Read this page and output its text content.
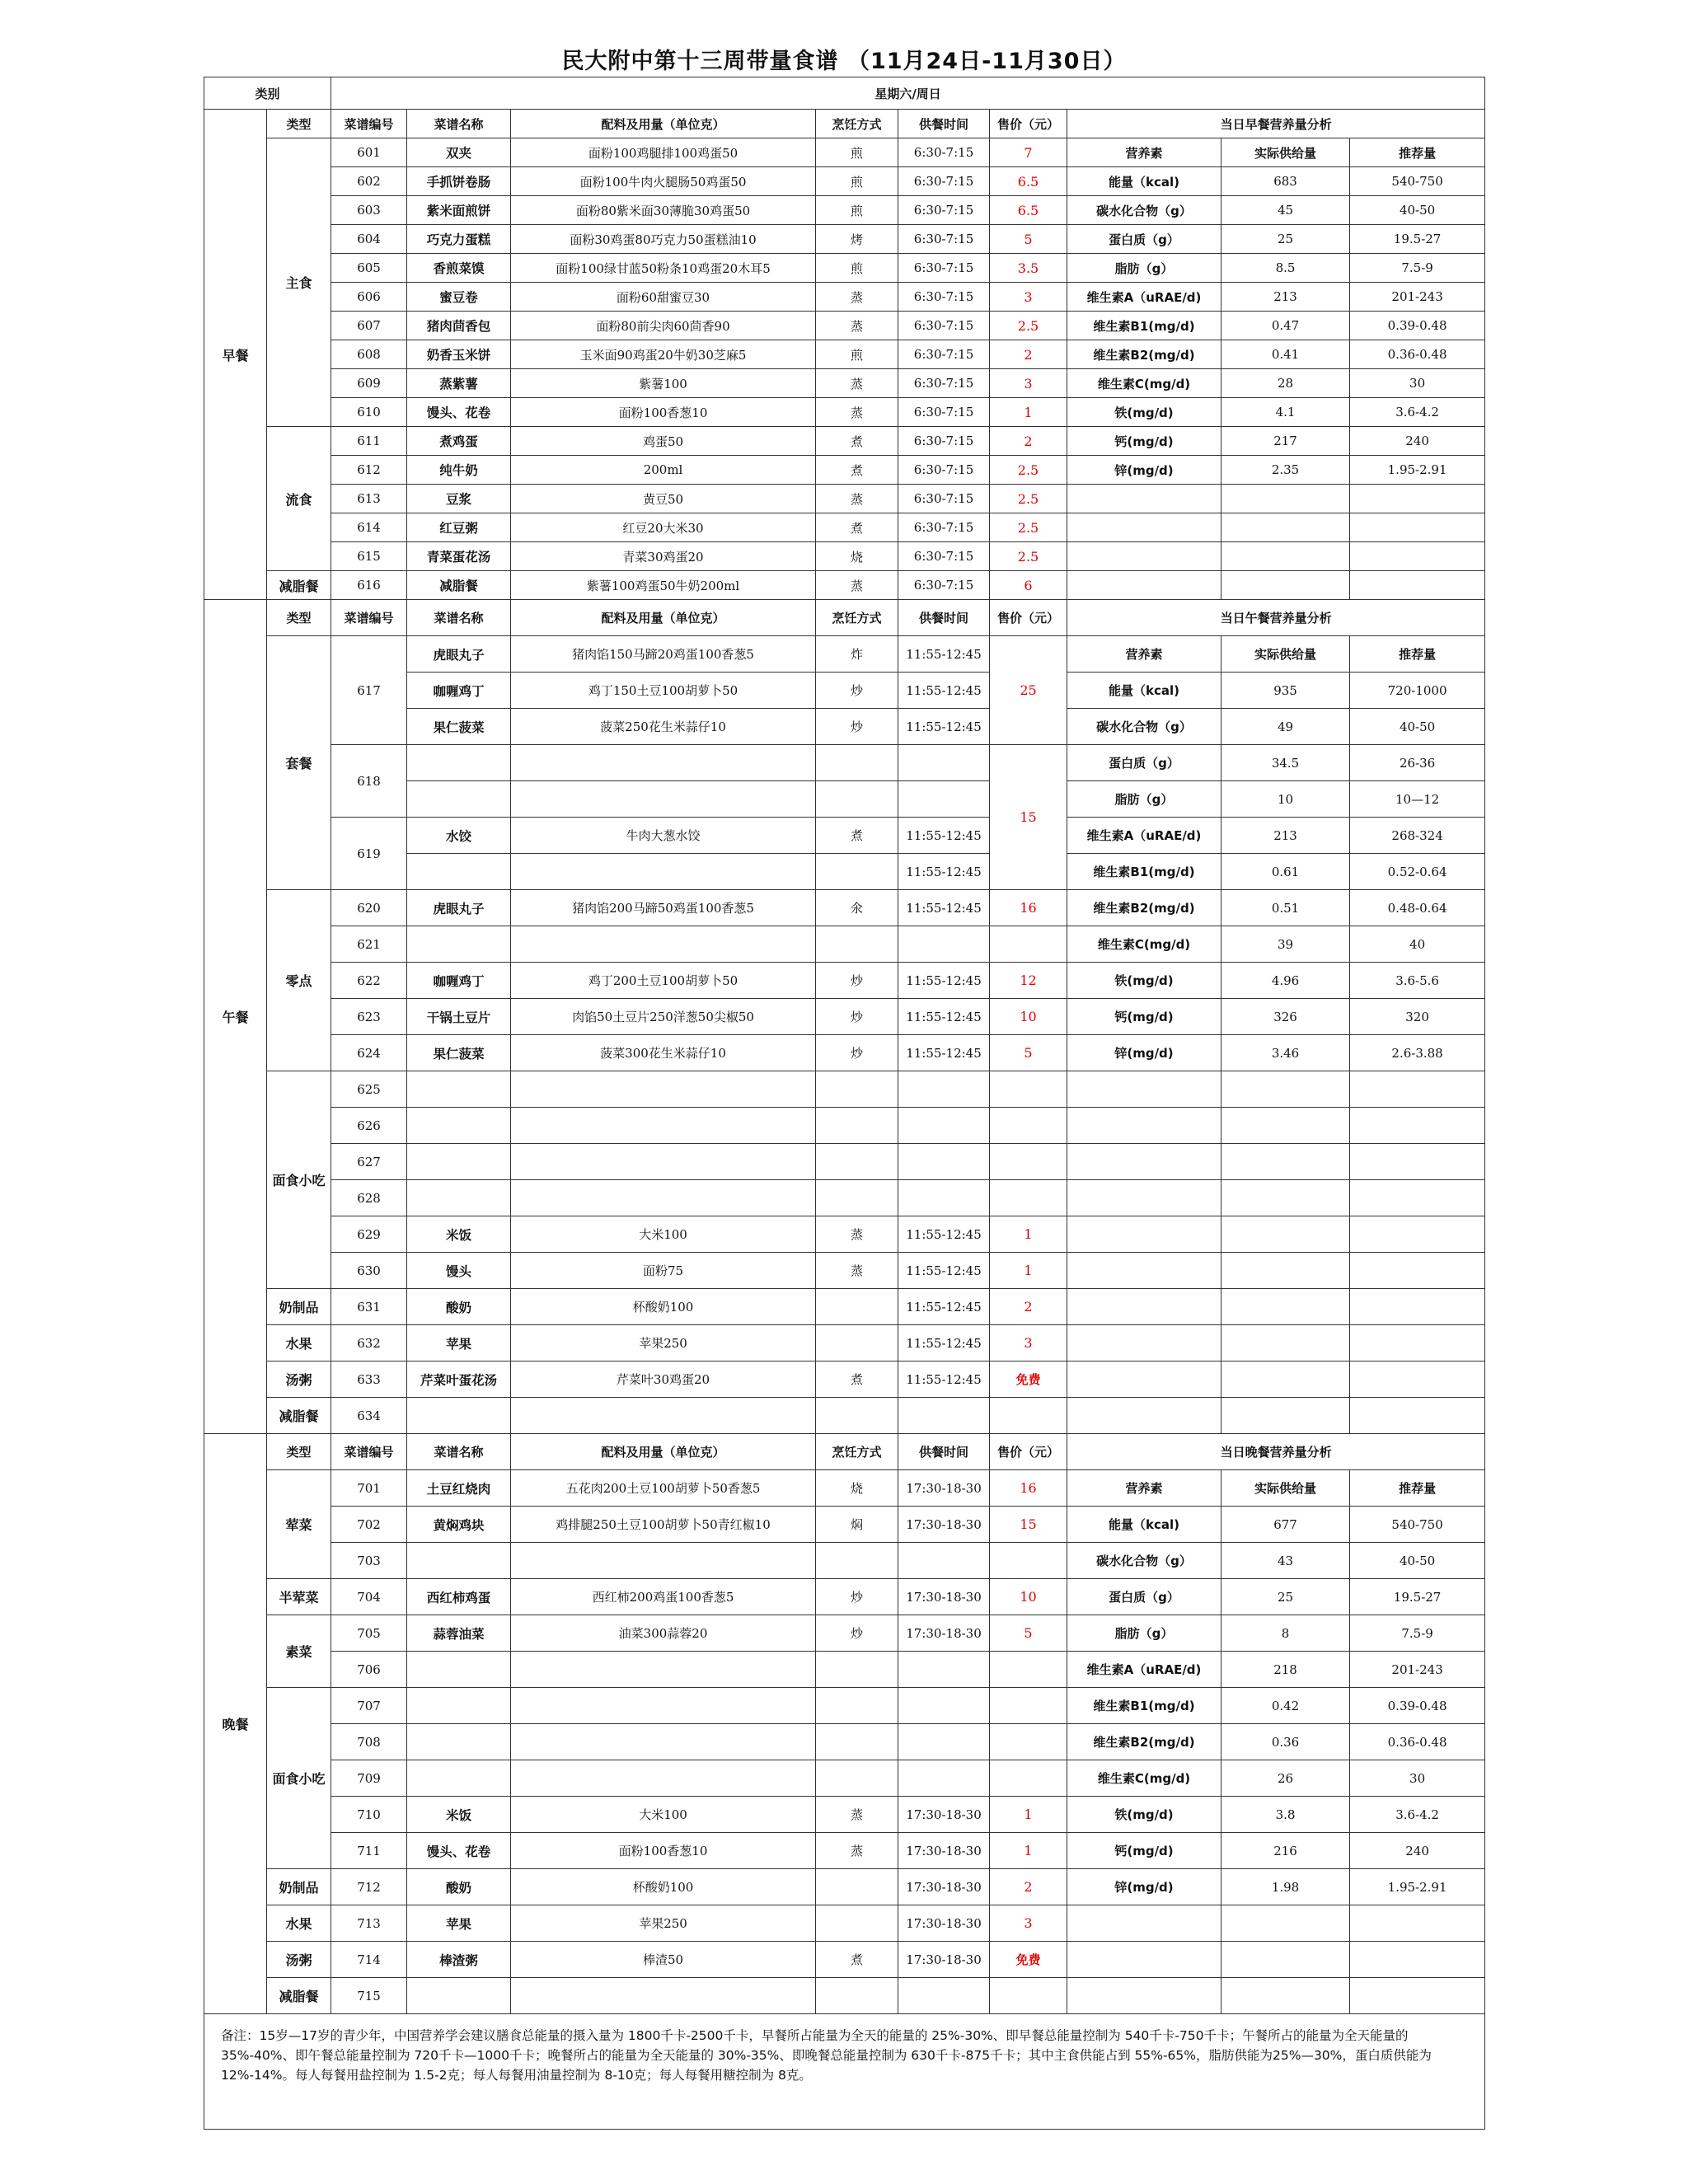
民大附中第十三周带量食谱 （11月24日-11月30日）
类别		星期六/周日								
早餐	类型	菜谱编号	菜谱名称	配料及用量（单位克）	烹饪方式	供餐时间	售价（元）	当日早餐营养量分析		
	主食	601	双夹	面粉100鸡腿排100鸡蛋50	煎	6:30-7:15	7	营养素	实际供给量	推荐量
		602	手抓饼卷肠	面粉100牛肉火腿肠50鸡蛋50	煎	6:30-7:15	6.5	能量（kcal)	683	540-750
		603	紫米面煎饼	面粉80紫米面30薄脆30鸡蛋50	煎	6:30-7:15	6.5	碳水化合物（g）	45	40-50
		604	巧克力蛋糕	面粉30鸡蛋80巧克力50蛋糕油10	烤	6:30-7:15	5	蛋白质（g）	25	19.5-27
		605	香煎菜馍	面粉100绿甘蓝50粉条10鸡蛋20木耳5	煎	6:30-7:15	3.5	脂肪（g）	8.5	7.5-9
		606	蜜豆卷	面粉60甜蜜豆30	蒸	6:30-7:15	3	维生素A（uRAE/d)	213	201-243
		607	猪肉茴香包	面粉80前尖肉60茴香90	蒸	6:30-7:15	2.5	维生素B1(mg/d)	0.47	0.39-0.48
		608	奶香玉米饼	玉米面90鸡蛋20牛奶30芝麻5	煎	6:30-7:15	2	维生素B2(mg/d)	0.41	0.36-0.48
		609	蒸紫薯	紫薯100	蒸	6:30-7:15	3	维生素C(mg/d)	28	30
		610	馒头、花卷	面粉100香葱10	蒸	6:30-7:15	1	铁(mg/d)	4.1	3.6-4.2
	流食	611	煮鸡蛋	鸡蛋50	煮	6:30-7:15	2	钙(mg/d)	217	240
		612	纯牛奶	200ml	煮	6:30-7:15	2.5	锌(mg/d)	2.35	1.95-2.91
		613	豆浆	黄豆50	蒸	6:30-7:15	2.5			
		614	红豆粥	红豆20大米30	煮	6:30-7:15	2.5			
		615	青菜蛋花汤	青菜30鸡蛋20	烧	6:30-7:15	2.5			
	减脂餐	616	减脂餐	紫薯100鸡蛋50牛奶200ml	蒸	6:30-7:15	6			
午餐	类型	菜谱编号	菜谱名称	配料及用量（单位克）	烹饪方式	供餐时间	售价（元）	当日午餐营养量分析		
	套餐	617	虎眼丸子	猪肉馅150马蹄20鸡蛋100香葱5	炸	11:55-12:45	25	营养素	实际供给量	推荐量
			咖喱鸡丁	鸡丁150土豆100胡萝卜50	炒	11:55-12:45		能量（kcal)	935	720-1000
			果仁菠菜	菠菜250花生米蒜仔10	炒	11:55-12:45		碳水化合物（g）	49	40-50
		618					15	蛋白质（g）	34.5	26-36
								脂肪（g）	10	10—12
		619	水饺	牛肉大葱水饺	煮	11:55-12:45		维生素A（uRAE/d)	213	268-324
						11:55-12:45		维生素B1(mg/d)	0.61	0.52-0.64
	零点	620	虎眼丸子	猪肉馅200马蹄50鸡蛋100香葱5	氽	11:55-12:45	16	维生素B2(mg/d)	0.51	0.48-0.64
		621						维生素C(mg/d)	39	40
		622	咖喱鸡丁	鸡丁200土豆100胡萝卜50	炒	11:55-12:45	12	铁(mg/d)	4.96	3.6-5.6
		623	干锅土豆片	肉馅50土豆片250洋葱50尖椒50	炒	11:55-12:45	10	钙(mg/d)	326	320
		624	果仁菠菜	菠菜300花生米蒜仔10	炒	11:55-12:45	5	锌(mg/d)	3.46	2.6-3.88
	面食小吃	625								
		626								
		627								
		628								
		629	米饭	大米100	蒸	11:55-12:45	1			
		630	馒头	面粉75	蒸	11:55-12:45	1			
	奶制品	631	酸奶	杯酸奶100		11:55-12:45	2			
	水果	632	苹果	苹果250		11:55-12:45	3			
	汤粥	633	芹菜叶蛋花汤	芹菜叶30鸡蛋20	煮	11:55-12:45	免费			
	减脂餐	634								
晚餐	类型	菜谱编号	菜谱名称	配料及用量（单位克）	烹饪方式	供餐时间	售价（元）	当日晚餐营养量分析		
	荤菜	701	土豆红烧肉	五花肉200土豆100胡萝卜50香葱5	烧	17:30-18-30	16	营养素	实际供给量	推荐量
		702	黄焖鸡块	鸡排腿250土豆100胡萝卜50青红椒10	焖	17:30-18-30	15	能量（kcal)	677	540-750
		703						碳水化合物（g）	43	40-50
	半荤菜	704	西红柿鸡蛋	西红柿200鸡蛋100香葱5	炒	17:30-18-30	10	蛋白质（g）	25	19.5-27
	素菜	705	蒜蓉油菜	油菜300蒜蓉20	炒	17:30-18-30	5	脂肪（g）	8	7.5-9
		706						维生素A（uRAE/d)	218	201-243
	面食小吃	707						维生素B1(mg/d)	0.42	0.39-0.48
		708						维生素B2(mg/d)	0.36	0.36-0.48
		709						维生素C(mg/d)	26	30
		710	米饭	大米100	蒸	17:30-18-30	1	铁(mg/d)	3.8	3.6-4.2
		711	馒头、花卷	面粉100香葱10	蒸	17:30-18-30	1	钙(mg/d)	216	240
	奶制品	712	酸奶	杯酸奶100		17:30-18-30	2	锌(mg/d)	1.98	1.95-2.91
	水果	713	苹果	苹果250		17:30-18-30	3			
	汤粥	714	棒渣粥	棒渣50	煮	17:30-18-30	免费			
	减脂餐	715								
备注：15岁—17岁的青少年，中国营养学会建议膳食总能量的摄入量为 1800千卡-2500千卡，早餐所占能量为全天的能量的 25%-30%、即早餐总能量控制为 540千卡-750千卡；午餐所占的能量为全天能量的35%-40%、即午餐总能量控制为 720千卡—1000千卡；晚餐所占的能量为全天能量的 30%-35%、即晚餐总能量控制为 630千卡-875千卡；其中主食供能占到 55%-65%，脂肪供能为25%—30%，蛋白质供能为12%-14%。每人每餐用盐控制为 1.5-2克；每人每餐用油量控制为 8-10克；每人每餐用糖控制为 8克。										
